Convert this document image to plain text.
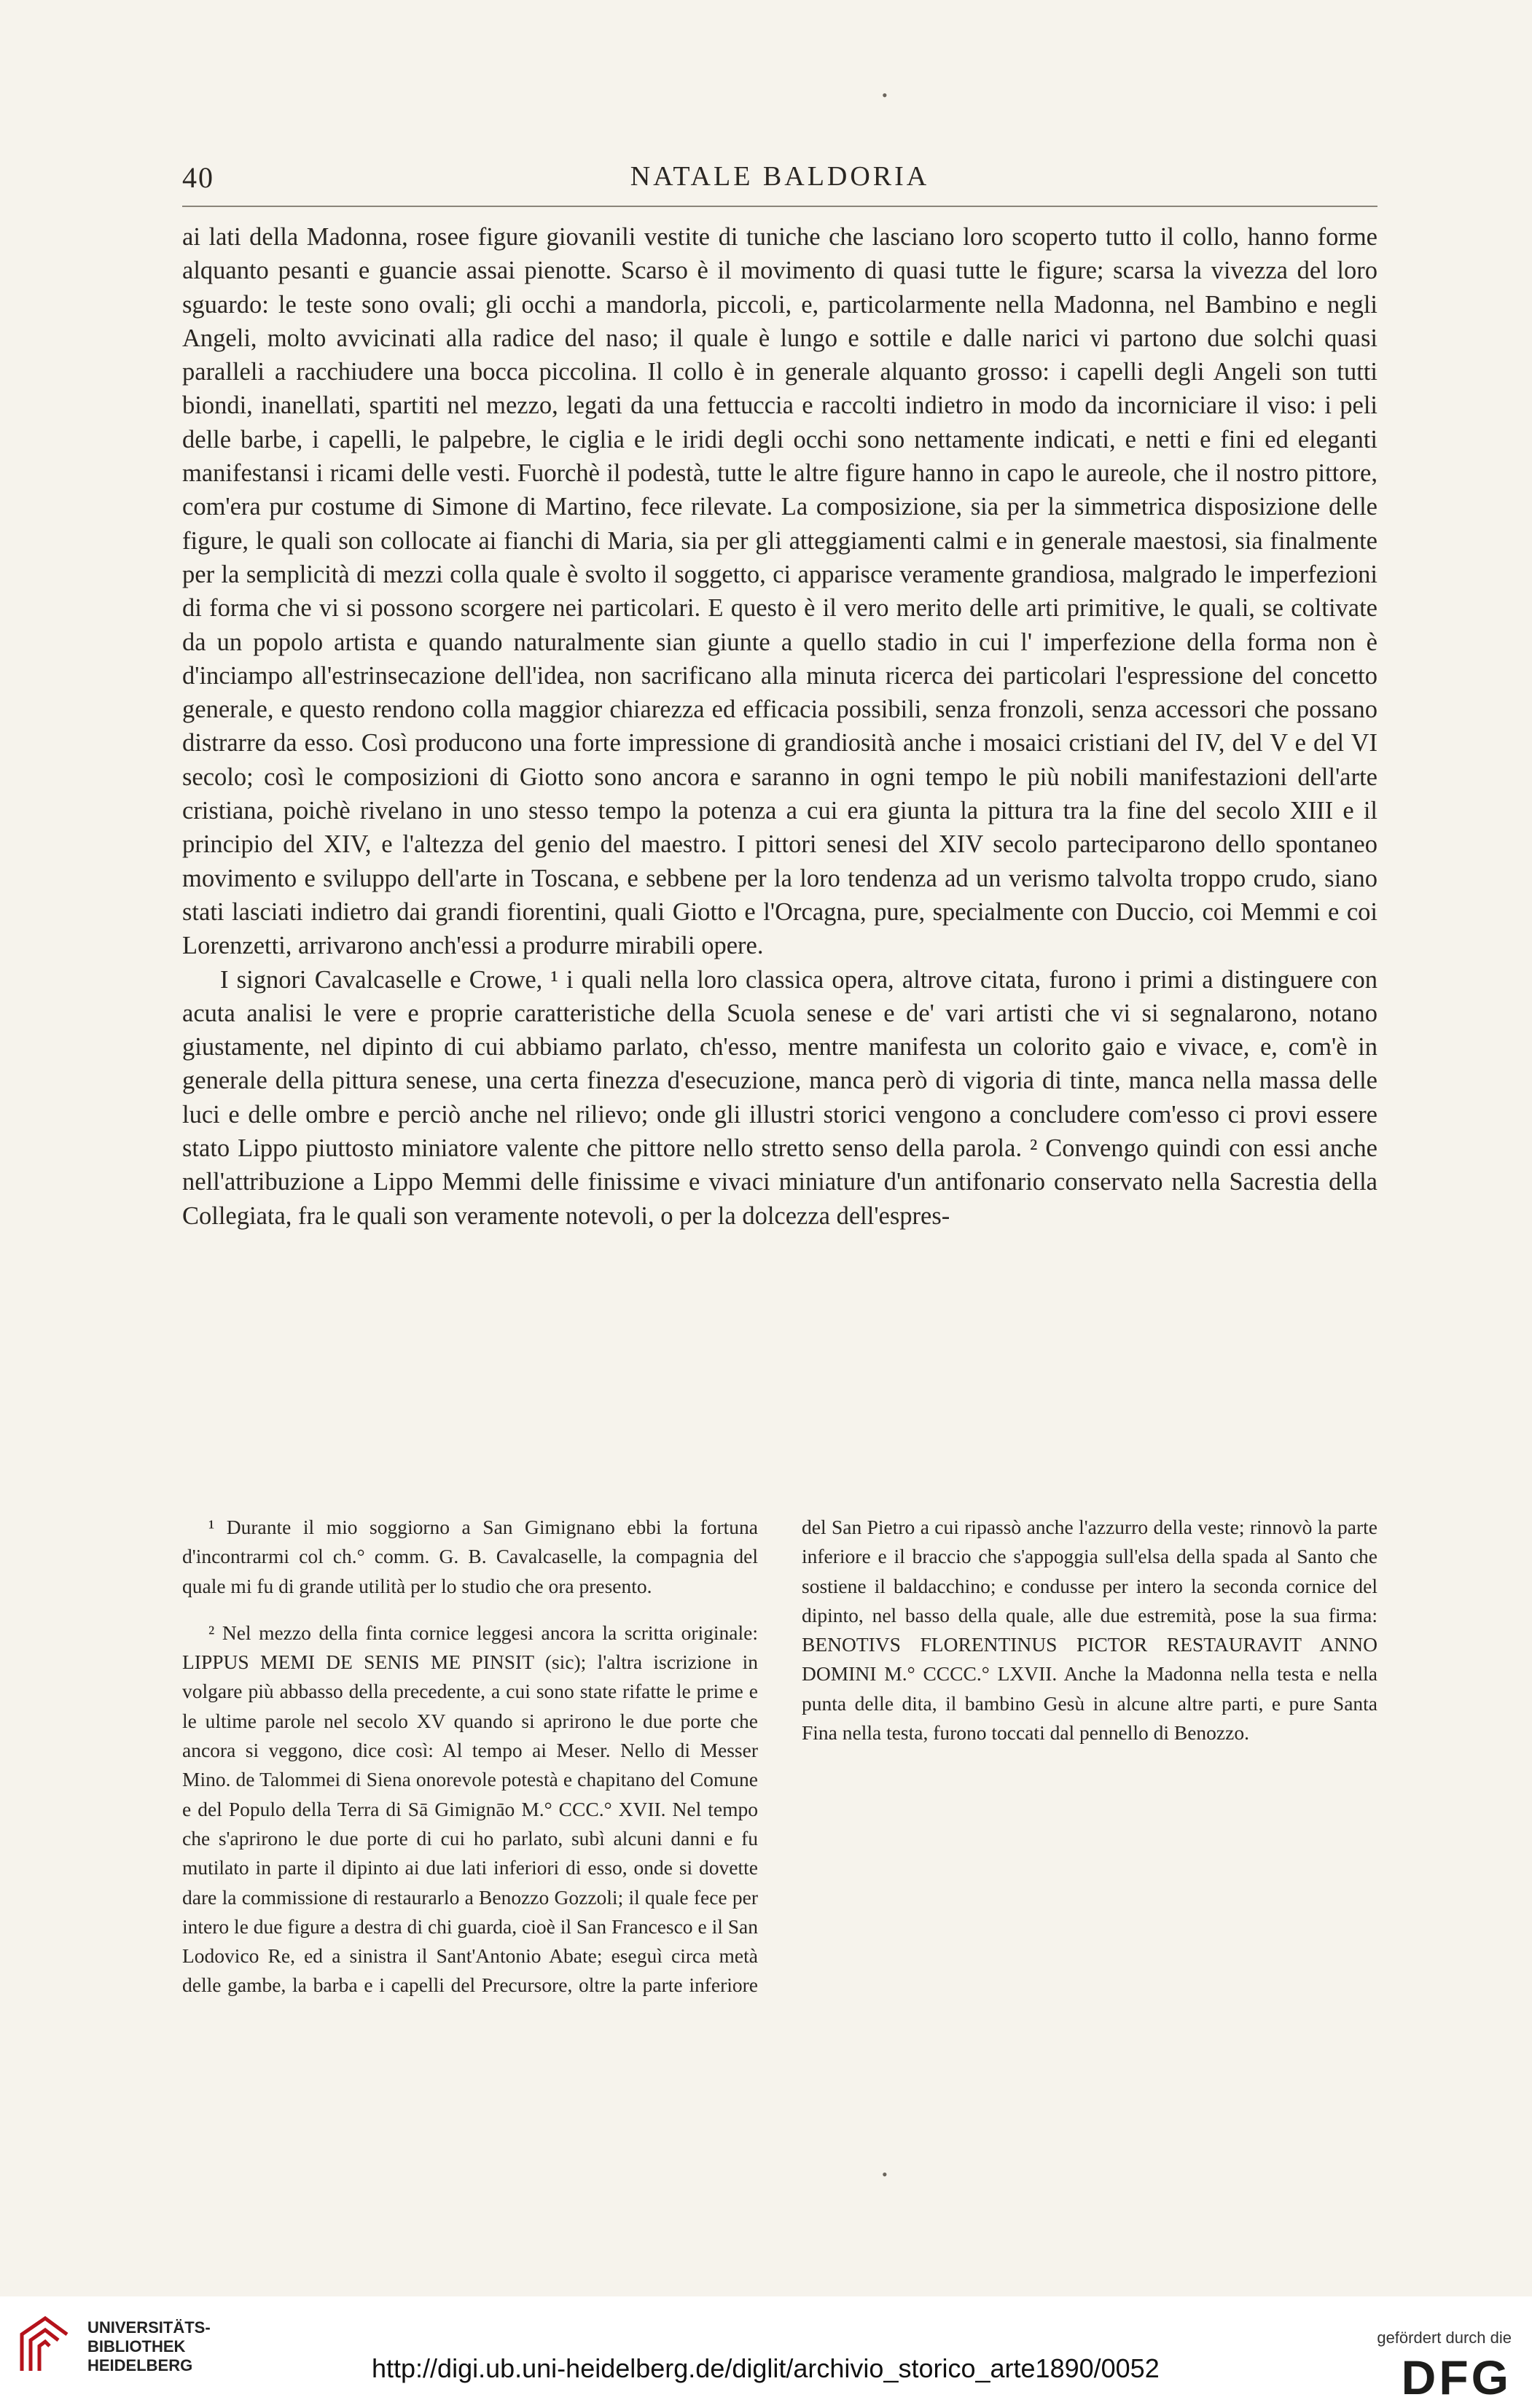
•
40	NATALE BALDORIA

ai lati della Madonna, rosee figure giovanili vestite di tuniche che lasciano loro scoperto tutto il collo, hanno forme alquanto pesanti e guancie assai pienotte. Scarso è il movimento di quasi tutte le figure; scarsa la vivezza del loro sguardo: le teste sono ovali; gli occhi a mandorla, piccoli, e, particolarmente nella Madonna, nel Bambino e negli Angeli, molto avvicinati alla radice del naso; il quale è lungo e sottile e dalle narici vi partono due solchi quasi paralleli a racchiudere una bocca piccolina. Il collo è in generale alquanto grosso: i capelli degli Angeli son tutti biondi, inanellati, spartiti nel mezzo, legati da una fettuccia e raccolti indietro in modo da incorniciare il viso: i peli delle barbe, i capelli, le palpebre, le ciglia e le iridi degli occhi sono nettamente indicati, e netti e fini ed eleganti manifestansi i ricami delle vesti. Fuorchè il podestà, tutte le altre figure hanno in capo le aureole, che il nostro pittore, com'era pur costume di Simone di Martino, fece rilevate. La composizione, sia per la simmetrica disposizione delle figure, le quali son collocate ai fianchi di Maria, sia per gli atteggiamenti calmi e in generale maestosi, sia finalmente per la semplicità di mezzi colla quale è svolto il soggetto, ci apparisce veramente grandiosa, malgrado le imperfezioni di forma che vi si possono scorgere nei particolari. E questo è il vero merito delle arti primitive, le quali, se coltivate da un popolo artista e quando naturalmente sian giunte a quello stadio in cui l' imperfezione della forma non è d'inciampo all'estrinsecazione dell'idea, non sacrificano alla minuta ricerca dei particolari l'espressione del concetto generale, e questo rendono colla maggior chiarezza ed efficacia possibili, senza fronzoli, senza accessori che possano distrarre da esso. Così producono una forte impressione di grandiosità anche i mosaici cristiani del IV, del V e del VI secolo; così le composizioni di Giotto sono ancora e saranno in ogni tempo le più nobili manifestazioni dell'arte cristiana, poichè rivelano in uno stesso tempo la potenza a cui era giunta la pittura tra la fine del secolo XIII e il principio del XIV, e l'altezza del genio del maestro. I pittori senesi del XIV secolo parteciparono dello spontaneo movimento e sviluppo dell'arte in Toscana, e sebbene per la loro tendenza ad un verismo talvolta troppo crudo, siano stati lasciati indietro dai grandi fiorentini, quali Giotto e l'Orcagna, pure, specialmente con Duccio, coi Memmi e coi Lorenzetti, arrivarono anch'essi a produrre mirabili opere.

I signori Cavalcaselle e Crowe, ¹ i quali nella loro classica opera, altrove citata, furono i primi a distinguere con acuta analisi le vere e proprie caratteristiche della Scuola senese e de' vari artisti che vi si segnalarono, notano giustamente, nel dipinto di cui abbiamo parlato, ch'esso, mentre manifesta un colorito gaio e vivace, e, com'è in generale della pittura senese, una certa finezza d'esecuzione, manca però di vigoria di tinte, manca nella massa delle luci e delle ombre e perciò anche nel rilievo; onde gli illustri storici vengono a concludere com'esso ci provi essere stato Lippo piuttosto miniatore valente che pittore nello stretto senso della parola. ² Convengo quindi con essi anche nell'attribuzione a Lippo Memmi delle finissime e vivaci miniature d'un antifonario conservato nella Sacrestia della Collegiata, fra le quali son veramente notevoli, o per la dolcezza dell'espres-

¹ Durante il mio soggiorno a San Gimignano ebbi la fortuna d'incontrarmi col ch.° comm. G. B. Cavalcaselle, la compagnia del quale mi fu di grande utilità per lo studio che ora presento.

² Nel mezzo della finta cornice leggesi ancora la scritta originale: LIPPUS MEMI DE SENIS ME PINSIT (sic); l'altra iscrizione in volgare più abbasso della precedente, a cui sono state rifatte le prime e le ultime parole nel secolo XV quando si aprirono le due porte che ancora si veggono, dice così: Al tempo ai Meser. Nello di Messer Mino. de Talommei di Siena onorevole potestà e chapitano del Comune e del Populo della Terra di Sā Gimignāo M.° CCC.° XVII. Nel tempo che s'aprirono le due porte di cui ho parlato, subì alcuni danni e fu mutilato in parte il dipinto ai due lati inferiori di esso, onde si dovette dare la commissione di restaurarlo a Benozzo Gozzoli; il quale fece per intero le due figure a destra di chi guarda, cioè il San Francesco e il San Lodovico Re, ed a sinistra il Sant'Antonio Abate; eseguì circa metà delle gambe, la barba e i capelli del Precursore, oltre la parte inferiore del San Pietro a cui ripassò anche l'azzurro della veste; rinnovò la parte inferiore e il braccio che s'appoggia sull'elsa della spada al Santo che sostiene il baldacchino; e condusse per intero la seconda cornice del dipinto, nel basso della quale, alle due estremità, pose la sua firma: BENOTIVS FLORENTINUS PICTOR RESTAURAVIT ANNO DOMINI M.° CCCC.° LXVII. Anche la Madonna nella testa e nella punta delle dita, il bambino Gesù in alcune altre parti, e pure Santa Fina nella testa, furono toccati dal pennello di Benozzo.

•
UNIVERSITÄTS-
BIBLIOTHEK
HEIDELBERG	http://digi.ub.uni-heidelberg.de/diglit/archivio_storico_arte1890/0052
gefördert durch die
DFG
